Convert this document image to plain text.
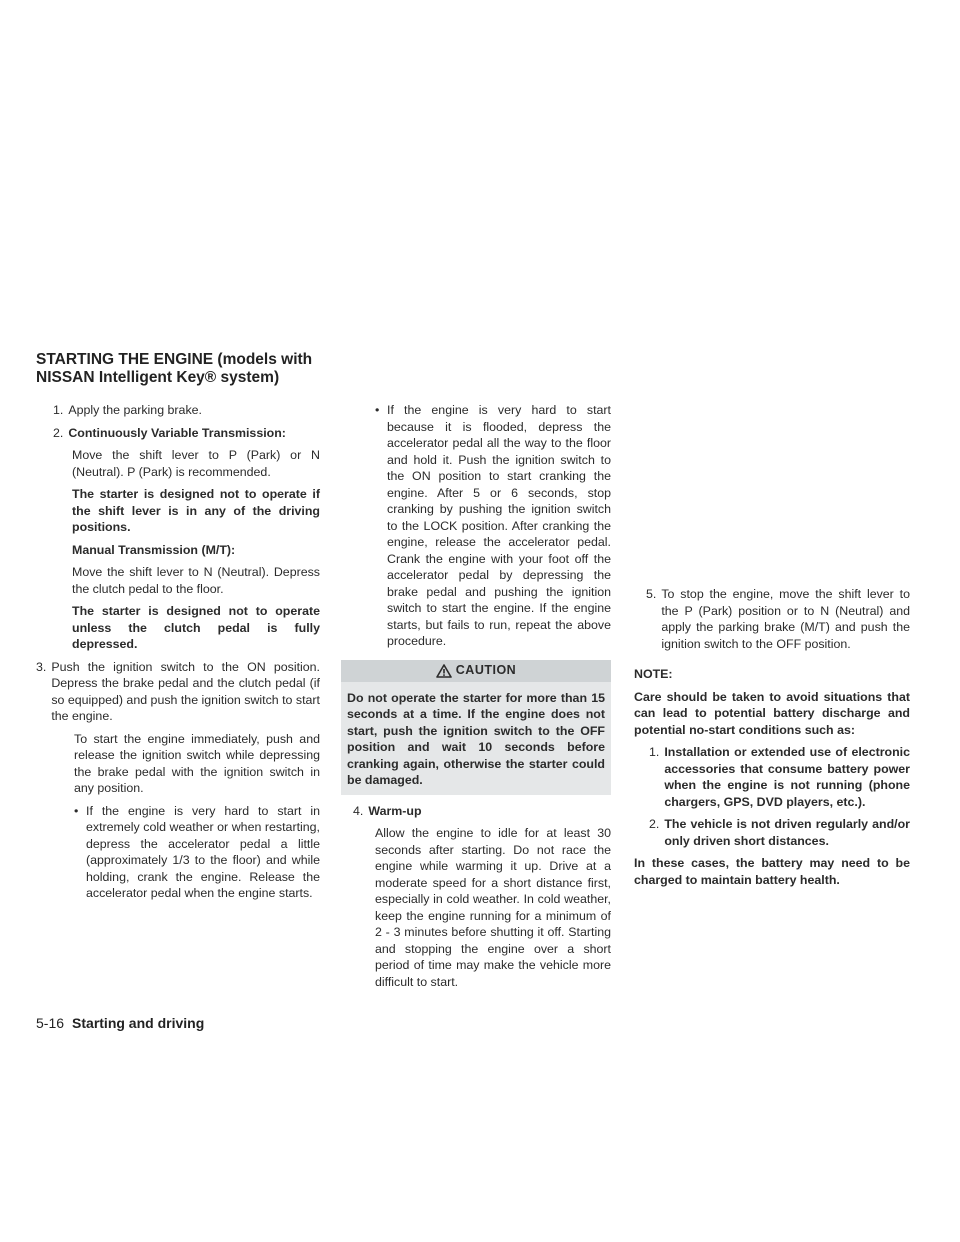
STARTING THE ENGINE (models with NISSAN Intelligent Key® system)
1. Apply the parking brake.
2. Continuously Variable Transmission:

Move the shift lever to P (Park) or N (Neutral). P (Park) is recommended.

The starter is designed not to operate if the shift lever is in any of the driving positions.

Manual Transmission (M/T):

Move the shift lever to N (Neutral). Depress the clutch pedal to the floor.

The starter is designed not to operate unless the clutch pedal is fully depressed.

3. Push the ignition switch to the ON position. Depress the brake pedal and the clutch pedal (if so equipped) and push the ignition switch to start the engine.

To start the engine immediately, push and release the ignition switch while depressing the brake pedal with the ignition switch in any position.

• If the engine is very hard to start in extremely cold weather or when restarting, depress the accelerator pedal a little (approximately 1/3 to the floor) and while holding, crank the engine. Release the accelerator pedal when the engine starts.
• If the engine is very hard to start because it is flooded, depress the accelerator pedal all the way to the floor and hold it. Push the ignition switch to the ON position to start cranking the engine. After 5 or 6 seconds, stop cranking by pushing the ignition switch to the LOCK position. After cranking the engine, release the accelerator pedal. Crank the engine with your foot off the accelerator pedal by depressing the brake pedal and pushing the ignition switch to start the engine. If the engine starts, but fails to run, repeat the above procedure.
CAUTION
Do not operate the starter for more than 15 seconds at a time. If the engine does not start, push the ignition switch to the OFF position and wait 10 seconds before cranking again, otherwise the starter could be damaged.
4. Warm-up

Allow the engine to idle for at least 30 seconds after starting. Do not race the engine while warming it up. Drive at a moderate speed for a short distance first, especially in cold weather. In cold weather, keep the engine running for a minimum of 2 - 3 minutes before shutting it off. Starting and stopping the engine over a short period of time may make the vehicle more difficult to start.

5. To stop the engine, move the shift lever to the P (Park) position or to N (Neutral) and apply the parking brake (M/T) and push the ignition switch to the OFF position.

NOTE:

Care should be taken to avoid situations that can lead to potential battery discharge and potential no-start conditions such as:

1. Installation or extended use of electronic accessories that consume battery power when the engine is not running (phone chargers, GPS, DVD players, etc.).
2. The vehicle is not driven regularly and/or only driven short distances.

In these cases, the battery may need to be charged to maintain battery health.

5-16 Starting and driving
